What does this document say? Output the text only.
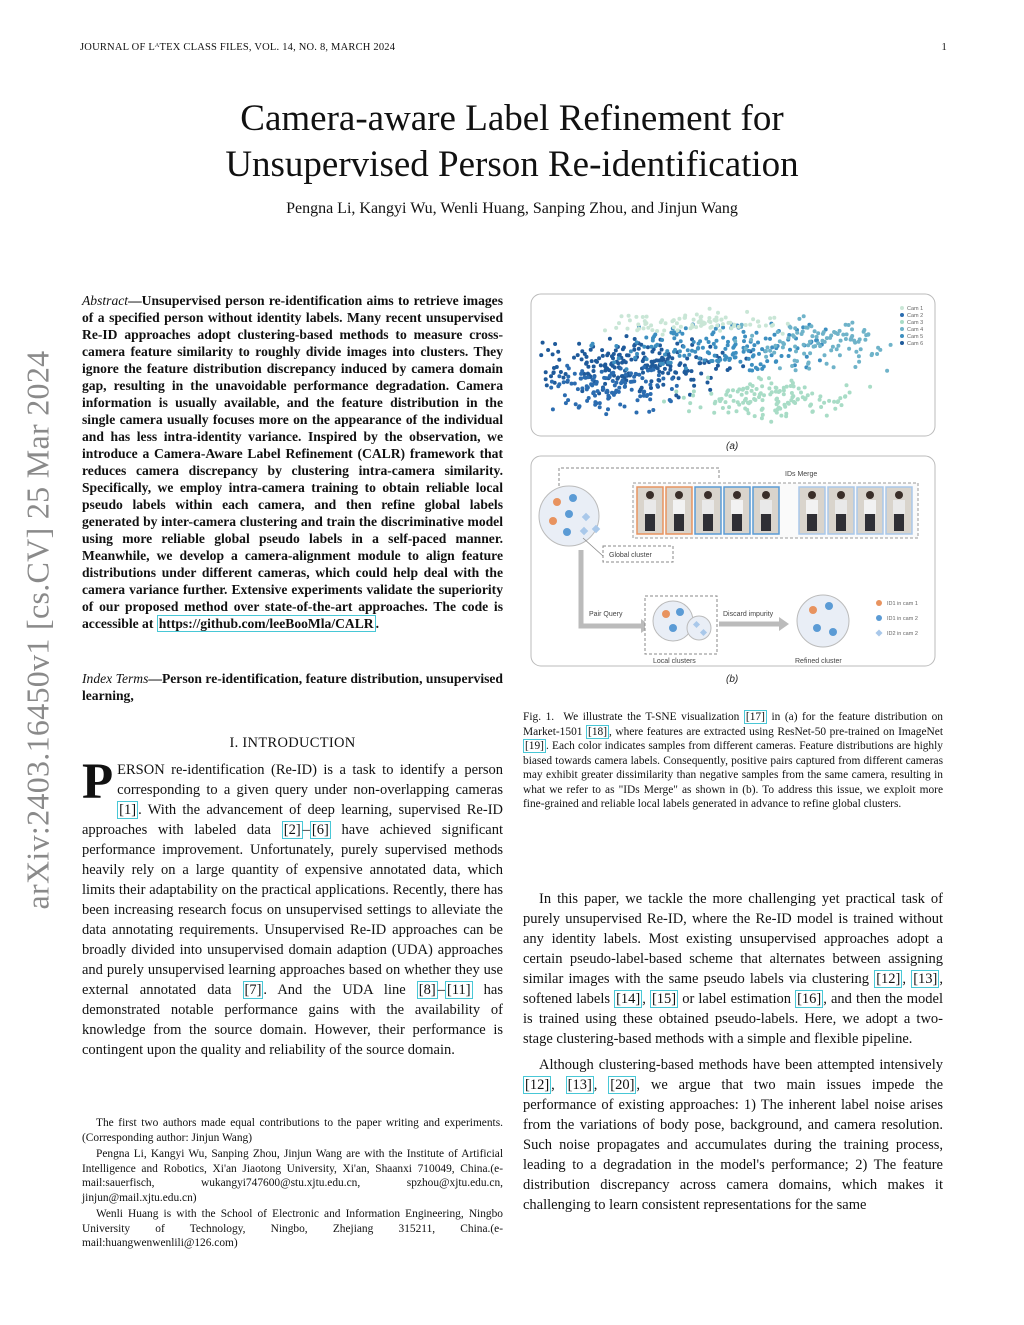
JOURNAL OF LᴬTEX CLASS FILES, VOL. 14, NO. 8, MARCH 2024	1
Camera-aware Label Refinement for
Unsupervised Person Re-identification
Pengna Li, Kangyi Wu, Wenli Huang, Sanping Zhou, and Jinjun Wang
arXiv:2403.16450v1 [cs.CV] 25 Mar 2024
Abstract—Unsupervised person re-identification aims to retrieve images of a specified person without identity labels. Many recent unsupervised Re-ID approaches adopt clustering-based methods to measure cross-camera feature similarity to roughly divide images into clusters. They ignore the feature distribution discrepancy induced by camera domain gap, resulting in the unavoidable performance degradation. Camera information is usually available, and the feature distribution in the single camera usually focuses more on the appearance of the individual and has less intra-identity variance. Inspired by the observation, we introduce a Camera-Aware Label Refinement (CALR) framework that reduces camera discrepancy by clustering intra-camera similarity. Specifically, we employ intra-camera training to obtain reliable local pseudo labels within each camera, and then refine global labels generated by inter-camera clustering and train the discriminative model using more reliable global pseudo labels in a self-paced manner. Meanwhile, we develop a camera-alignment module to align feature distributions under different cameras, which could help deal with the camera variance further. Extensive experiments validate the superiority of our proposed method over state-of-the-art approaches. The code is accessible at https://github.com/leeBooMla/CALR .
Index Terms—Person re-identification, feature distribution, unsupervised learning,
I. INTRODUCTION
PERSON re-identification (Re-ID) is a task to identify a person corresponding to a given query under non-overlapping cameras [1] . With the advancement of deep learning, supervised Re-ID approaches with labeled data [2] – [6] have achieved significant performance improvement. Unfortunately, purely supervised methods heavily rely on a large quantity of expensive annotated data, which limits their adaptability on the practical applications. Recently, there has been increasing research focus on unsupervised settings to alleviate the data annotating requirements. Unsupervised Re-ID approaches can be broadly divided into unsupervised domain adaption (UDA) approaches and purely unsupervised learning approaches based on whether they use external annotated data [7] . And the UDA line [8] – [11] has demonstrated notable performance gains with the availability of knowledge from the source domain. However, their performance is contingent upon the quality and reliability of the source domain.

The first two authors made equal contributions to the paper writing and experiments. (Corresponding author: Jinjun Wang)

Pengna Li, Kangyi Wu, Sanping Zhou, Jinjun Wang are with the Institute of Artificial Intelligence and Robotics, Xi'an Jiaotong University, Xi'an, Shaanxi 710049, China.(e-mail:sauerfisch, wukangyi747600@stu.xjtu.edu.cn, spzhou@xjtu.edu.cn, jinjun@mail.xjtu.edu.cn)

Wenli Huang is with the School of Electronic and Information Engineering, Ningbo University of Technology, Ningbo, Zhejiang 315211, China.(e-mail:huangwenwenlili@126.com)

Cam 1
Cam 2
Cam 3
Cam 4
Cam 5
Cam 6
(a)
IDs Merge
Global cluster
Pair Query
Local clusters
Discard impurity
Refined cluster
ID1 in cam 1
ID1 in cam 2
ID2 in cam 2
(b)
Fig. 1. We illustrate the T-SNE visualization [17] in (a) for the feature distribution on Market-1501 [18] , where features are extracted using ResNet-50 pre-trained on ImageNet [19] . Each color indicates samples from different cameras. Feature distributions are highly biased towards camera labels. Consequently, positive pairs captured from different cameras may exhibit greater dissimilarity than negative samples from the same camera, resulting in what we refer to as "IDs Merge" as shown in (b). To address this issue, we exploit more fine-grained and reliable local labels generated in advance to refine global clusters.

In this paper, we tackle the more challenging yet practical task of purely unsupervised Re-ID, where the Re-ID model is trained without any identity labels. Most existing unsupervised approaches adopt a certain pseudo-label-based scheme that alternates between assigning similar images with the same pseudo labels via clustering [12] , [13] , softened labels [14] , [15] or label estimation [16] , and then the model is trained using these obtained pseudo-labels. Here, we adopt a two-stage clustering-based methods with a simple and flexible pipeline.

Although clustering-based methods have been attempted intensively [12] , [13] , [20] , we argue that two main issues impede the performance of existing approaches: 1) The inherent label noise arises from the variations of body pose, background, and camera resolution. Such noise propagates and accumulates during the training process, leading to a degradation in the model's performance; 2) The feature distribution discrepancy across camera domains, which makes it challenging to learn consistent representations for the same
